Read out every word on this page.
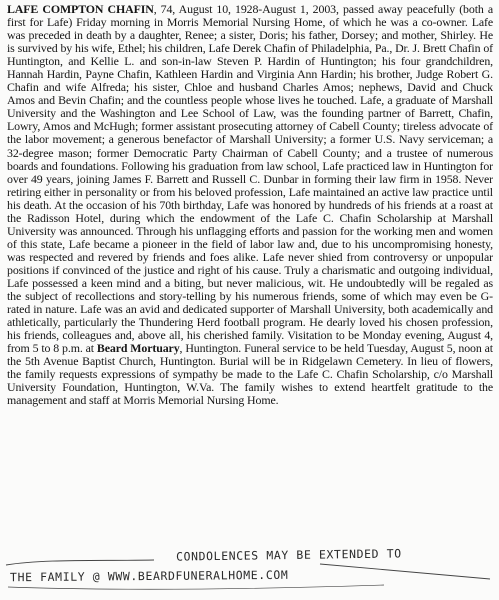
LAFE COMPTON CHAFIN, 74, August 10, 1928-August 1, 2003, passed away peacefully (both a first for Lafe) Friday morning in Morris Memorial Nursing Home, of which he was a co-owner. Lafe was preceded in death by a daughter, Renee; a sister, Doris; his father, Dorsey; and mother, Shirley. He is survived by his wife, Ethel; his children, Lafe Derek Chafin of Philadelphia, Pa., Dr. J. Brett Chafin of Huntington, and Kellie L. and son-in-law Steven P. Hardin of Huntington; his four grandchildren, Hannah Hardin, Payne Chafin, Kathleen Hardin and Virginia Ann Hardin; his brother, Judge Robert G. Chafin and wife Alfreda; his sister, Chloe and husband Charles Amos; nephews, David and Chuck Amos and Bevin Chafin; and the countless people whose lives he touched. Lafe, a graduate of Marshall University and the Washington and Lee School of Law, was the founding partner of Barrett, Chafin, Lowry, Amos and McHugh; former assistant prosecuting attorney of Cabell County; tireless advocate of the labor movement; a generous benefactor of Marshall University; a former U.S. Navy serviceman; a 32-degree mason; former Democratic Party Chairman of Cabell County; and a trustee of numerous boards and foundations. Following his graduation from law school, Lafe practiced law in Huntington for over 49 years, joining James F. Barrett and Russell C. Dunbar in forming their law firm in 1958. Never retiring either in personality or from his beloved profession, Lafe maintained an active law practice until his death. At the occasion of his 70th birthday, Lafe was honored by hundreds of his friends at a roast at the Radisson Hotel, during which the endowment of the Lafe C. Chafin Scholarship at Marshall University was announced. Through his unflagging efforts and passion for the working men and women of this state, Lafe became a pioneer in the field of labor law and, due to his uncompromising honesty, was respected and revered by friends and foes alike. Lafe never shied from controversy or unpopular positions if convinced of the justice and right of his cause. Truly a charismatic and outgoing individual, Lafe possessed a keen mind and a biting, but never malicious, wit. He undoubtedly will be regaled as the subject of recollections and story-telling by his numerous friends, some of which may even be G-rated in nature. Lafe was an avid and dedicated supporter of Marshall University, both academically and athletically, particularly the Thundering Herd football program. He dearly loved his chosen profession, his friends, colleagues and, above all, his cherished family. Visitation to be Monday evening, August 4, from 5 to 8 p.m. at Beard Mortuary, Huntington. Funeral service to be held Tuesday, August 5, noon at the 5th Avenue Baptist Church, Huntington. Burial will be in Ridgelawn Cemetery. In lieu of flowers, the family requests expressions of sympathy be made to the Lafe C. Chafin Scholarship, c/o Marshall University Foundation, Huntington, W.Va. The family wishes to extend heartfelt gratitude to the management and staff at Morris Memorial Nursing Home.

CONDOLENCES MAY BE EXTENDED TO
THE FAMILY @ WWW.BEARDFUNERALHOME.COM
